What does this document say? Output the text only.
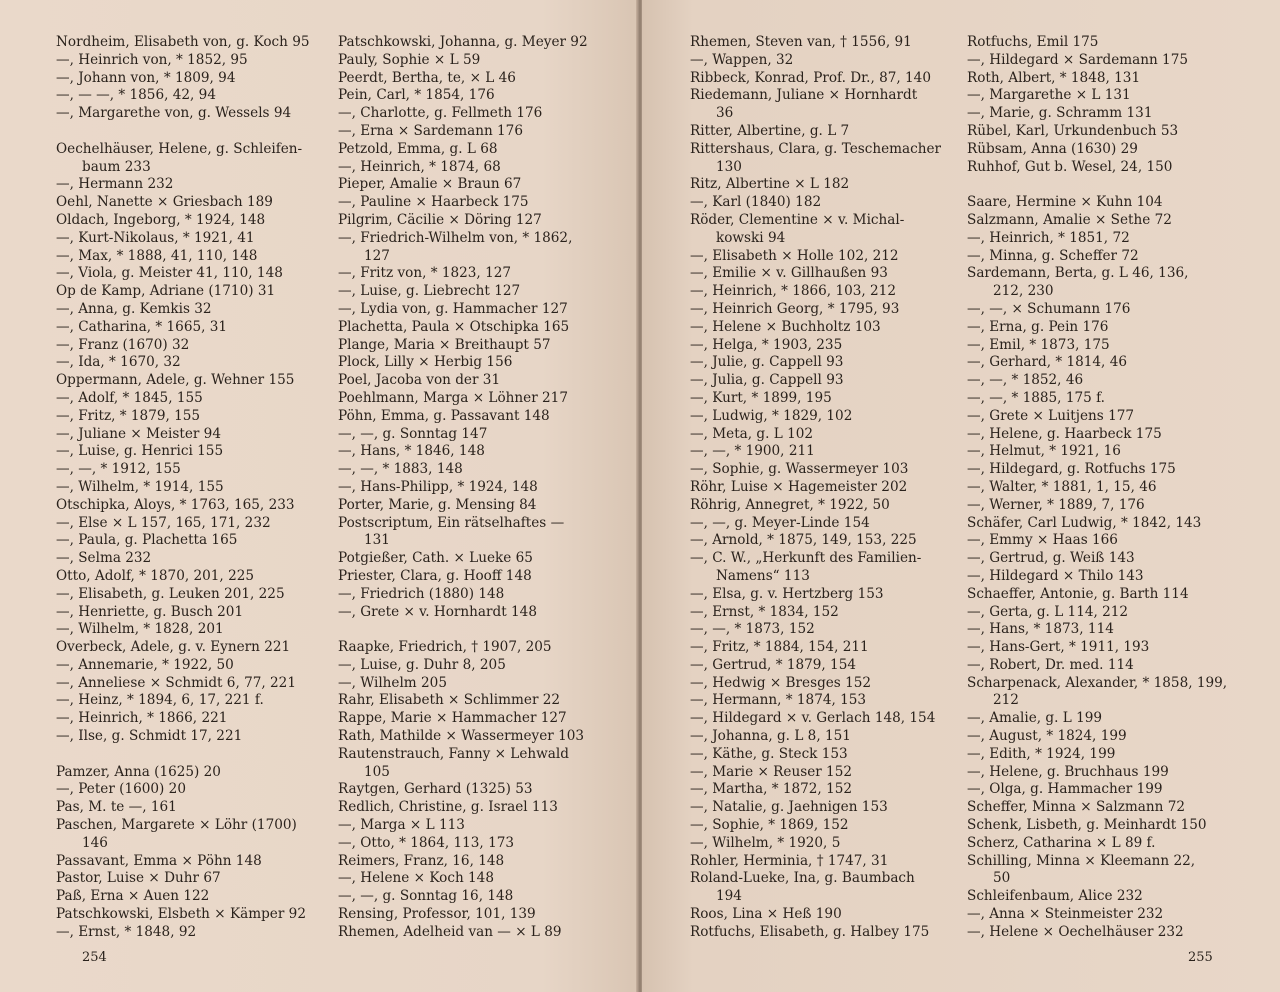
Nordheim, Elisabeth von, g. Koch 95
—, Heinrich von, * 1852, 95
—, Johann von, * 1809, 94
—, — —, * 1856, 42, 94
—, Margarethe von, g. Wessels 94
Oechelhäuser, Helene, g. Schleifen-
baum 233
—, Hermann 232
Oehl, Nanette × Griesbach 189
Oldach, Ingeborg, * 1924, 148
—, Kurt-Nikolaus, * 1921, 41
—, Max, * 1888, 41, 110, 148
—, Viola, g. Meister 41, 110, 148
Op de Kamp, Adriane (1710) 31
—, Anna, g. Kemkis 32
—, Catharina, * 1665, 31
—, Franz (1670) 32
—, Ida, * 1670, 32
Oppermann, Adele, g. Wehner 155
—, Adolf, * 1845, 155
—, Fritz, * 1879, 155
—, Juliane × Meister 94
—, Luise, g. Henrici 155
—, —, * 1912, 155
—, Wilhelm, * 1914, 155
Otschipka, Aloys, * 1763, 165, 233
—, Else × L 157, 165, 171, 232
—, Paula, g. Plachetta 165
—, Selma 232
Otto, Adolf, * 1870, 201, 225
—, Elisabeth, g. Leuken 201, 225
—, Henriette, g. Busch 201
—, Wilhelm, * 1828, 201
Overbeck, Adele, g. v. Eynern 221
—, Annemarie, * 1922, 50
—, Anneliese × Schmidt 6, 77, 221
—, Heinz, * 1894, 6, 17, 221 f.
—, Heinrich, * 1866, 221
—, Ilse, g. Schmidt 17, 221
Pamzer, Anna (1625) 20
—, Peter (1600) 20
Pas, M. te —, 161
Paschen, Margarete × Löhr (1700)
146
Passavant, Emma × Pöhn 148
Pastor, Luise × Duhr 67
Paß, Erna × Auen 122
Patschkowski, Elsbeth × Kämper 92
—, Ernst, * 1848, 92
Patschkowski, Johanna, g. Meyer 92
Pauly, Sophie × L 59
Peerdt, Bertha, te, × L 46
Pein, Carl, * 1854, 176
—, Charlotte, g. Fellmeth 176
—, Erna × Sardemann 176
Petzold, Emma, g. L 68
—, Heinrich, * 1874, 68
Pieper, Amalie × Braun 67
—, Pauline × Haarbeck 175
Pilgrim, Cäcilie × Döring 127
—, Friedrich-Wilhelm von, * 1862,
127
—, Fritz von, * 1823, 127
—, Luise, g. Liebrecht 127
—, Lydia von, g. Hammacher 127
Plachetta, Paula × Otschipka 165
Plange, Maria × Breithaupt 57
Plock, Lilly × Herbig 156
Poel, Jacoba von der 31
Poehlmann, Marga × Löhner 217
Pöhn, Emma, g. Passavant 148
—, —, g. Sonntag 147
—, Hans, * 1846, 148
—, —, * 1883, 148
—, Hans-Philipp, * 1924, 148
Porter, Marie, g. Mensing 84
Postscriptum, Ein rätselhaftes —
131
Potgießer, Cath. × Lueke 65
Priester, Clara, g. Hooff 148
—, Friedrich (1880) 148
—, Grete × v. Hornhardt 148
Raapke, Friedrich, † 1907, 205
—, Luise, g. Duhr 8, 205
—, Wilhelm 205
Rahr, Elisabeth × Schlimmer 22
Rappe, Marie × Hammacher 127
Rath, Mathilde × Wassermeyer 103
Rautenstrauch, Fanny × Lehwald
105
Raytgen, Gerhard (1325) 53
Redlich, Christine, g. Israel 113
—, Marga × L 113
—, Otto, * 1864, 113, 173
Reimers, Franz, 16, 148
—, Helene × Koch 148
—, —, g. Sonntag 16, 148
Rensing, Professor, 101, 139
Rhemen, Adelheid van — × L 89
254
Rhemen, Steven van, † 1556, 91
—, Wappen, 32
Ribbeck, Konrad, Prof. Dr., 87, 140
Riedemann, Juliane × Hornhardt
36
Ritter, Albertine, g. L 7
Rittershaus, Clara, g. Teschemacher
130
Ritz, Albertine × L 182
—, Karl (1840) 182
Röder, Clementine × v. Michal-
kowski 94
—, Elisabeth × Holle 102, 212
—, Emilie × v. Gillhaußen 93
—, Heinrich, * 1866, 103, 212
—, Heinrich Georg, * 1795, 93
—, Helene × Buchholtz 103
—, Helga, * 1903, 235
—, Julie, g. Cappell 93
—, Julia, g. Cappell 93
—, Kurt, * 1899, 195
—, Ludwig, * 1829, 102
—, Meta, g. L 102
—, —, * 1900, 211
—, Sophie, g. Wassermeyer 103
Röhr, Luise × Hagemeister 202
Röhrig, Annegret, * 1922, 50
—, —, g. Meyer-Linde 154
—, Arnold, * 1875, 149, 153, 225
—, C. W., „Herkunft des Familien-
Namens“ 113
—, Elsa, g. v. Hertzberg 153
—, Ernst, * 1834, 152
—, —, * 1873, 152
—, Fritz, * 1884, 154, 211
—, Gertrud, * 1879, 154
—, Hedwig × Bresges 152
—, Hermann, * 1874, 153
—, Hildegard × v. Gerlach 148, 154
—, Johanna, g. L 8, 151
—, Käthe, g. Steck 153
—, Marie × Reuser 152
—, Martha, * 1872, 152
—, Natalie, g. Jaehnigen 153
—, Sophie, * 1869, 152
—, Wilhelm, * 1920, 5
Rohler, Herminia, † 1747, 31
Roland-Lueke, Ina, g. Baumbach
194
Roos, Lina × Heß 190
Rotfuchs, Elisabeth, g. Halbey 175
Rotfuchs, Emil 175
—, Hildegard × Sardemann 175
Roth, Albert, * 1848, 131
—, Margarethe × L 131
—, Marie, g. Schramm 131
Rübel, Karl, Urkundenbuch 53
Rübsam, Anna (1630) 29
Ruhhof, Gut b. Wesel, 24, 150
Saare, Hermine × Kuhn 104
Salzmann, Amalie × Sethe 72
—, Heinrich, * 1851, 72
—, Minna, g. Scheffer 72
Sardemann, Berta, g. L 46, 136,
212, 230
—, —, × Schumann 176
—, Erna, g. Pein 176
—, Emil, * 1873, 175
—, Gerhard, * 1814, 46
—, —, * 1852, 46
—, —, * 1885, 175 f.
—, Grete × Luitjens 177
—, Helene, g. Haarbeck 175
—, Helmut, * 1921, 16
—, Hildegard, g. Rotfuchs 175
—, Walter, * 1881, 1, 15, 46
—, Werner, * 1889, 7, 176
Schäfer, Carl Ludwig, * 1842, 143
—, Emmy × Haas 166
—, Gertrud, g. Weiß 143
—, Hildegard × Thilo 143
Schaeffer, Antonie, g. Barth 114
—, Gerta, g. L 114, 212
—, Hans, * 1873, 114
—, Hans-Gert, * 1911, 193
—, Robert, Dr. med. 114
Scharpenack, Alexander, * 1858, 199,
212
—, Amalie, g. L 199
—, August, * 1824, 199
—, Edith, * 1924, 199
—, Helene, g. Bruchhaus 199
—, Olga, g. Hammacher 199
Scheffer, Minna × Salzmann 72
Schenk, Lisbeth, g. Meinhardt 150
Scherz, Catharina × L 89 f.
Schilling, Minna × Kleemann 22,
50
Schleifenbaum, Alice 232
—, Anna × Steinmeister 232
—, Helene × Oechelhäuser 232
255
